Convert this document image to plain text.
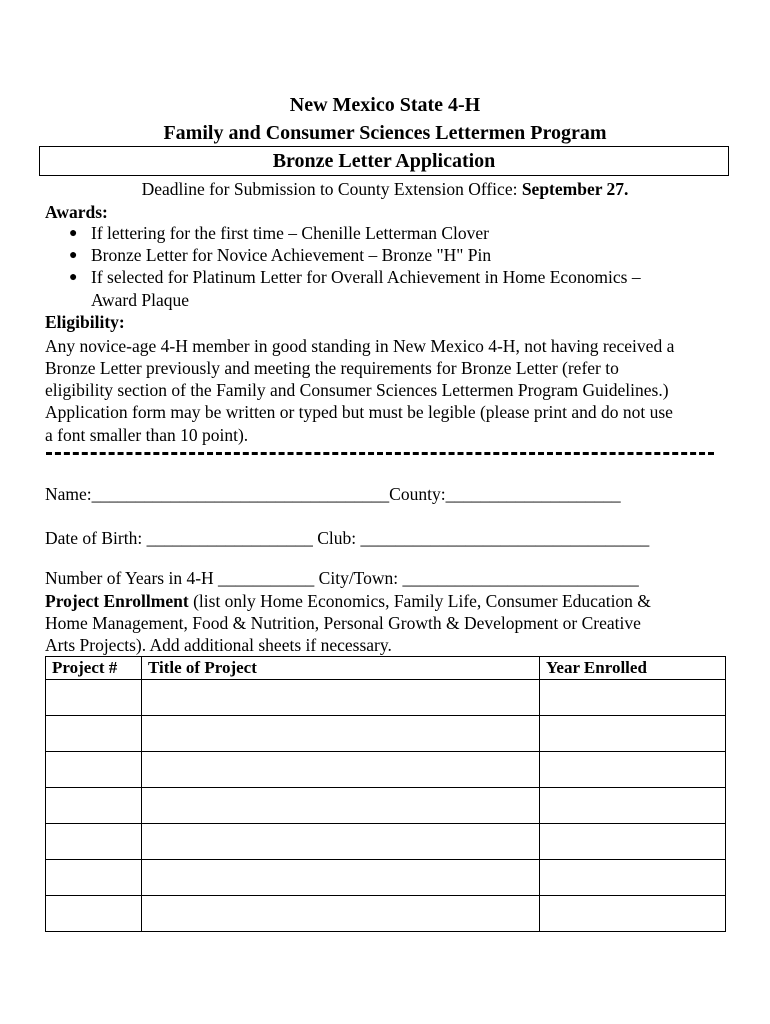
New Mexico State 4-H
Family and Consumer Sciences Lettermen Program
Bronze Letter Application
Deadline for Submission to County Extension Office: September 27.
Awards:
● If lettering for the first time – Chenille Letterman Clover
● Bronze Letter for Novice Achievement – Bronze "H" Pin
● If selected for Platinum Letter for Overall Achievement in Home Economics –
Award Plaque
Eligibility:
Any novice-age 4-H member in good standing in New Mexico 4-H, not having received a
Bronze Letter previously and meeting the requirements for Bronze Letter (refer to
eligibility section of the Family and Consumer Sciences Lettermen Program Guidelines.)
Application form may be written or typed but must be legible (please print and do not use
a font smaller than 10 point).
Name:__________________________________County:____________________
Date of Birth: ___________________ Club: _________________________________
Number of Years in 4-H ___________ City/Town: ___________________________
Project Enrollment (list only Home Economics, Family Life, Consumer Education &
Home Management, Food & Nutrition, Personal Growth & Development or Creative
Arts Projects). Add additional sheets if necessary.
Project #	Title of Project	Year Enrolled
